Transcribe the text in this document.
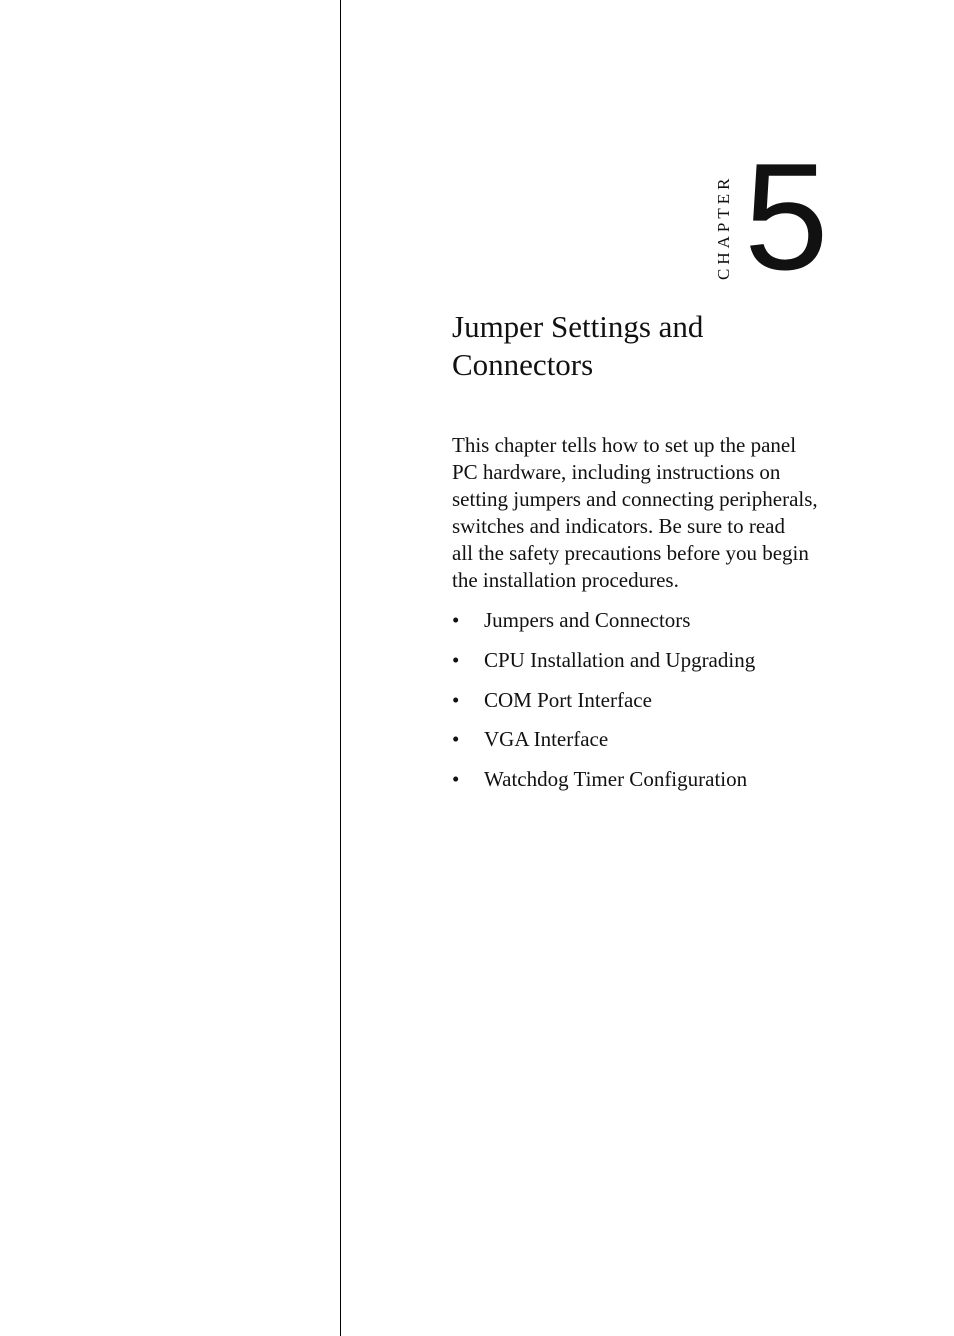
CHAPTER 5
Jumper Settings and
Connectors

This chapter tells how to set up the panel
PC hardware, including instructions on
setting jumpers and connecting peripherals,
switches and indicators. Be sure to read
all the safety precautions before you begin
the installation procedures.

• Jumpers and Connectors
• CPU Installation and Upgrading
• COM Port Interface
• VGA Interface
• Watchdog Timer Configuration
